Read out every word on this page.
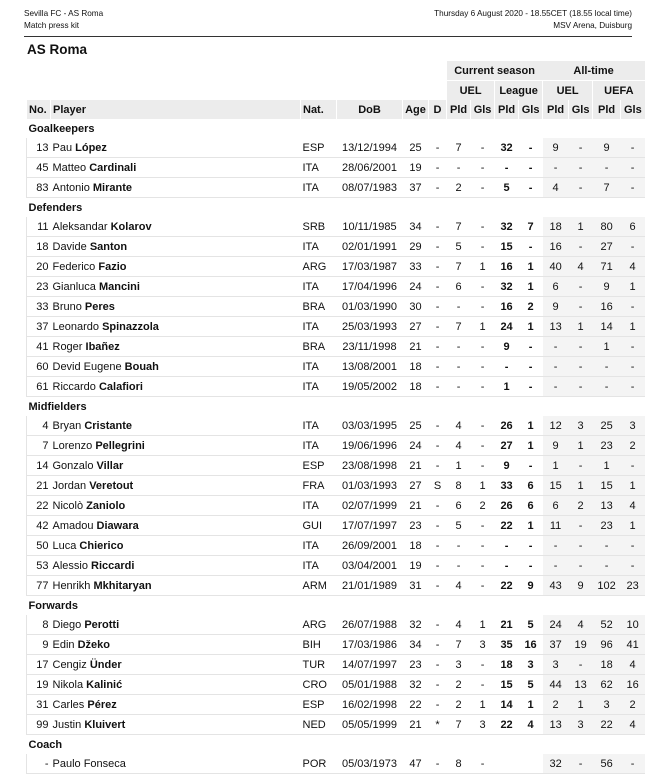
Sevilla FC - AS Roma
Match press kit
Thursday 6 August 2020 - 18.55CET (18.55 local time)
MSV Arena, Duisburg
AS Roma
						Current season				All-time			
						UEL		League		UEL		UEFA	
No.	Player	Nat.	DoB	Age	D	Pld	Gls	Pld	Gls	Pld	Gls	Pld	Gls
Goalkeepers													
13	Pau López	ESP	13/12/1994	25	-	7	-	32	-	9	-	9	-
45	Matteo Cardinali	ITA	28/06/2001	19	-	-	-	-	-	-	-	-	-
83	Antonio Mirante	ITA	08/07/1983	37	-	2	-	5	-	4	-	7	-
Defenders													
11	Aleksandar Kolarov	SRB	10/11/1985	34	-	7	-	32	7	18	1	80	6
18	Davide Santon	ITA	02/01/1991	29	-	5	-	15	-	16	-	27	-
20	Federico Fazio	ARG	17/03/1987	33	-	7	1	16	1	40	4	71	4
23	Gianluca Mancini	ITA	17/04/1996	24	-	6	-	32	1	6	-	9	1
33	Bruno Peres	BRA	01/03/1990	30	-	-	-	16	2	9	-	16	-
37	Leonardo Spinazzola	ITA	25/03/1993	27	-	7	1	24	1	13	1	14	1
41	Roger Ibañez	BRA	23/11/1998	21	-	-	-	9	-	-	-	1	-
60	Devid Eugene Bouah	ITA	13/08/2001	18	-	-	-	-	-	-	-	-	-
61	Riccardo Calafiori	ITA	19/05/2002	18	-	-	-	1	-	-	-	-	-
Midfielders													
4	Bryan Cristante	ITA	03/03/1995	25	-	4	-	26	1	12	3	25	3
7	Lorenzo Pellegrini	ITA	19/06/1996	24	-	4	-	27	1	9	1	23	2
14	Gonzalo Villar	ESP	23/08/1998	21	-	1	-	9	-	1	-	1	-
21	Jordan Veretout	FRA	01/03/1993	27	S	8	1	33	6	15	1	15	1
22	Nicolò Zaniolo	ITA	02/07/1999	21	-	6	2	26	6	6	2	13	4
42	Amadou Diawara	GUI	17/07/1997	23	-	5	-	22	1	11	-	23	1
50	Luca Chierico	ITA	26/09/2001	18	-	-	-	-	-	-	-	-	-
53	Alessio Riccardi	ITA	03/04/2001	19	-	-	-	-	-	-	-	-	-
77	Henrikh Mkhitaryan	ARM	21/01/1989	31	-	4	-	22	9	43	9	102	23
Forwards													
8	Diego Perotti	ARG	26/07/1988	32	-	4	1	21	5	24	4	52	10
9	Edin Džeko	BIH	17/03/1986	34	-	7	3	35	16	37	19	96	41
17	Cengiz Ünder	TUR	14/07/1997	23	-	3	-	18	3	3	-	18	4
19	Nikola Kalinić	CRO	05/01/1988	32	-	2	-	15	5	44	13	62	16
31	Carles Pérez	ESP	16/02/1998	22	-	2	1	14	1	2	1	3	2
99	Justin Kluivert	NED	05/05/1999	21	*	7	3	22	4	13	3	22	4
Coach													
-	Paulo Fonseca	POR	05/03/1973	47	-	8	-			32	-	56	-
